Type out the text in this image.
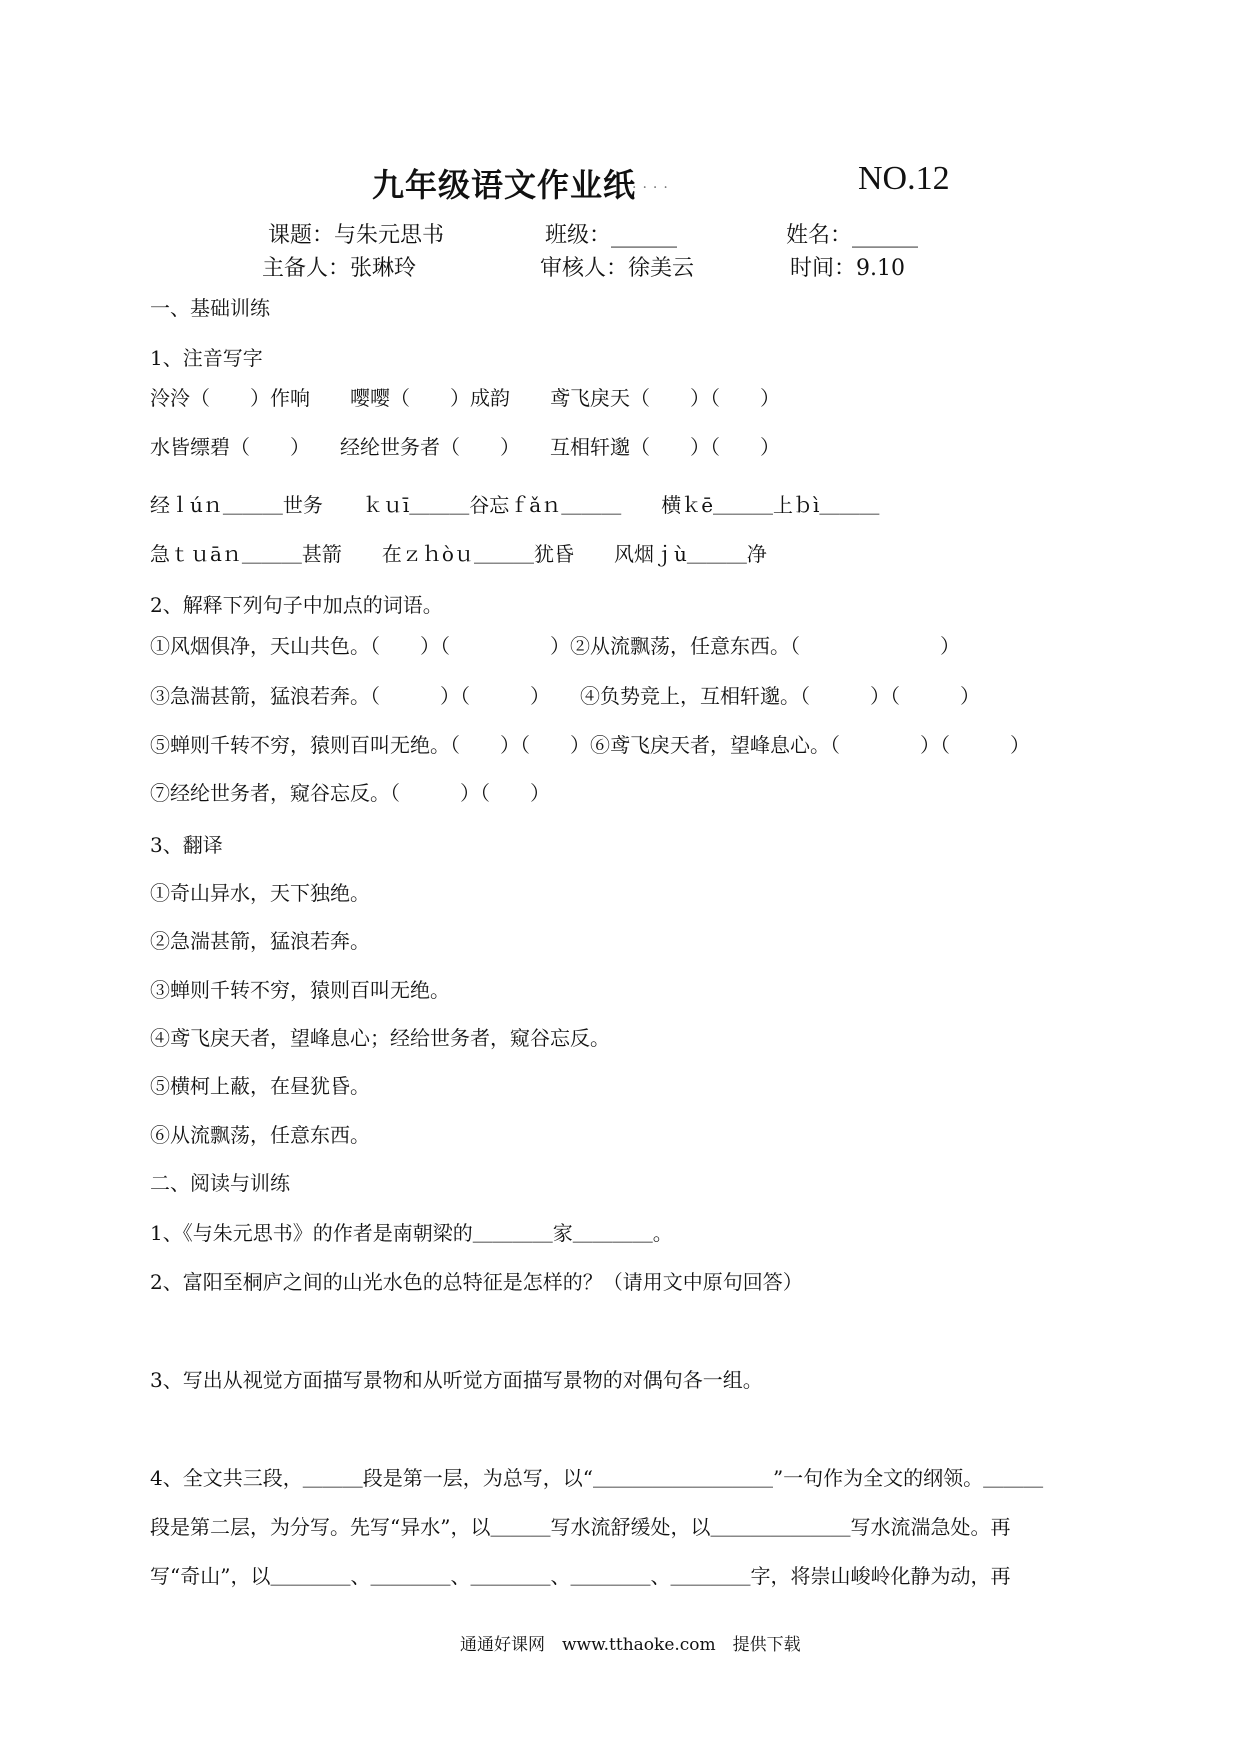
九年级语文作业纸
....	NO.12
课题：与朱元思书	班级：______	姓名：______
主备人：张琳玲	审核人：徐美云	时间：9.10
一、基础训练
1、注音写字
泠泠（　　）作响　　嘤嘤（　　）成韵　　鸢飞戾天（　　）（　　）
水皆缥碧（　　）　　经纶世务者（　　）　　互相轩邈（　　）（　　）
经ｌúｎ＿＿＿世务　　ｋｕī＿＿＿谷忘ｆǎｎ＿＿＿　　横ｋē＿＿＿上ｂì＿＿＿
急ｔｕāｎ＿＿＿甚箭　　在ｚｈòｕ＿＿＿犹昏　　风烟ｊù＿＿＿净
2、解释下列句子中加点的词语。
①风烟俱净，天山共色。（　　）（　　　　　）②从流飘荡，任意东西。（　　　　　　　）
③急湍甚箭，猛浪若奔。（　　　）（　　　）　　④负势竞上，互相轩邈。（　　　）（　　　）
⑤蝉则千转不穷，猿则百叫无绝。（　　）（　　）⑥鸢飞戾天者，望峰息心。（　　　　）（　　　）
⑦经纶世务者，窥谷忘反。（　　　）（　　）
3、翻译
①奇山异水，天下独绝。
②急湍甚箭，猛浪若奔。
③蝉则千转不穷，猿则百叫无绝。
④鸢飞戾天者，望峰息心；经给世务者，窥谷忘反。
⑤横柯上蔽，在昼犹昏。
⑥从流飘荡，任意东西。
二、阅读与训练
1、《与朱元思书》的作者是南朝梁的＿＿＿＿家＿＿＿＿。
2、富阳至桐庐之间的山光水色的总特征是怎样的？（请用文中原句回答）
3、写出从视觉方面描写景物和从听觉方面描写景物的对偶句各一组。
4、全文共三段，＿＿＿段是第一层，为总写，以“＿＿＿＿＿＿＿＿＿”一句作为全文的纲领。＿＿＿
段是第二层，为分写。先写“异水”，以＿＿＿写水流舒缓处，以＿＿＿＿＿＿＿写水流湍急处。再
写“奇山”，以＿＿＿＿、＿＿＿＿、＿＿＿＿、＿＿＿＿、＿＿＿＿字，将崇山峻岭化静为动，再
通通好课网　www.tthaoke.com　提供下载
